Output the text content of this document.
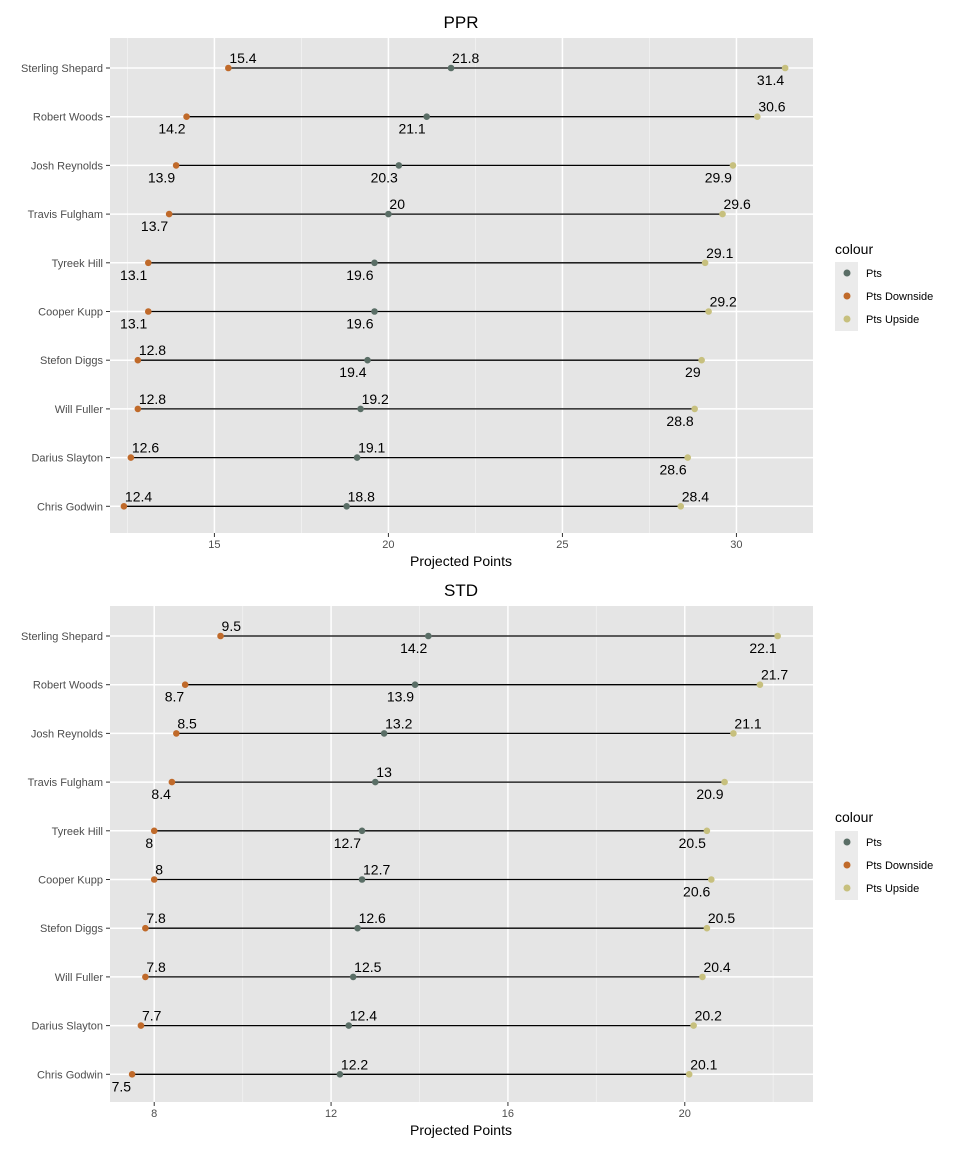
PPR
Sterling Shepard
Robert Woods
Josh Reynolds
Travis Fulgham
Tyreek Hill
Cooper Kupp
Stefon Diggs
Will Fuller
Darius Slayton
Chris Godwin
15	20	25	30
15.4	21.8
31.4
14.2	21.1
30.6
13.9	20.3	29.9
13.7
20	29.6
13.1	19.6
29.1
13.1	19.6
29.2
12.8
19.4	29
12.8	19.2
28.8
12.6	19.1
28.6
12.4	18.8	28.4
Projected Points
colour
Pts
Pts Downside
Pts Upside
STD
Sterling Shepard
Robert Woods
Josh Reynolds
Travis Fulgham
Tyreek Hill
Cooper Kupp
Stefon Diggs
Will Fuller
Darius Slayton
Chris Godwin
8	12	16	20
9.5
14.2	22.1
8.7	13.9
21.7
8.5	13.2	21.1
8.4
13
20.9
8	12.7	20.5
8	12.7
20.6
7.8	12.6	20.5
7.8	12.5	20.4
7.7	12.4	20.2
7.5
12.2	20.1
Projected Points
colour
Pts
Pts Downside
Pts Upside
